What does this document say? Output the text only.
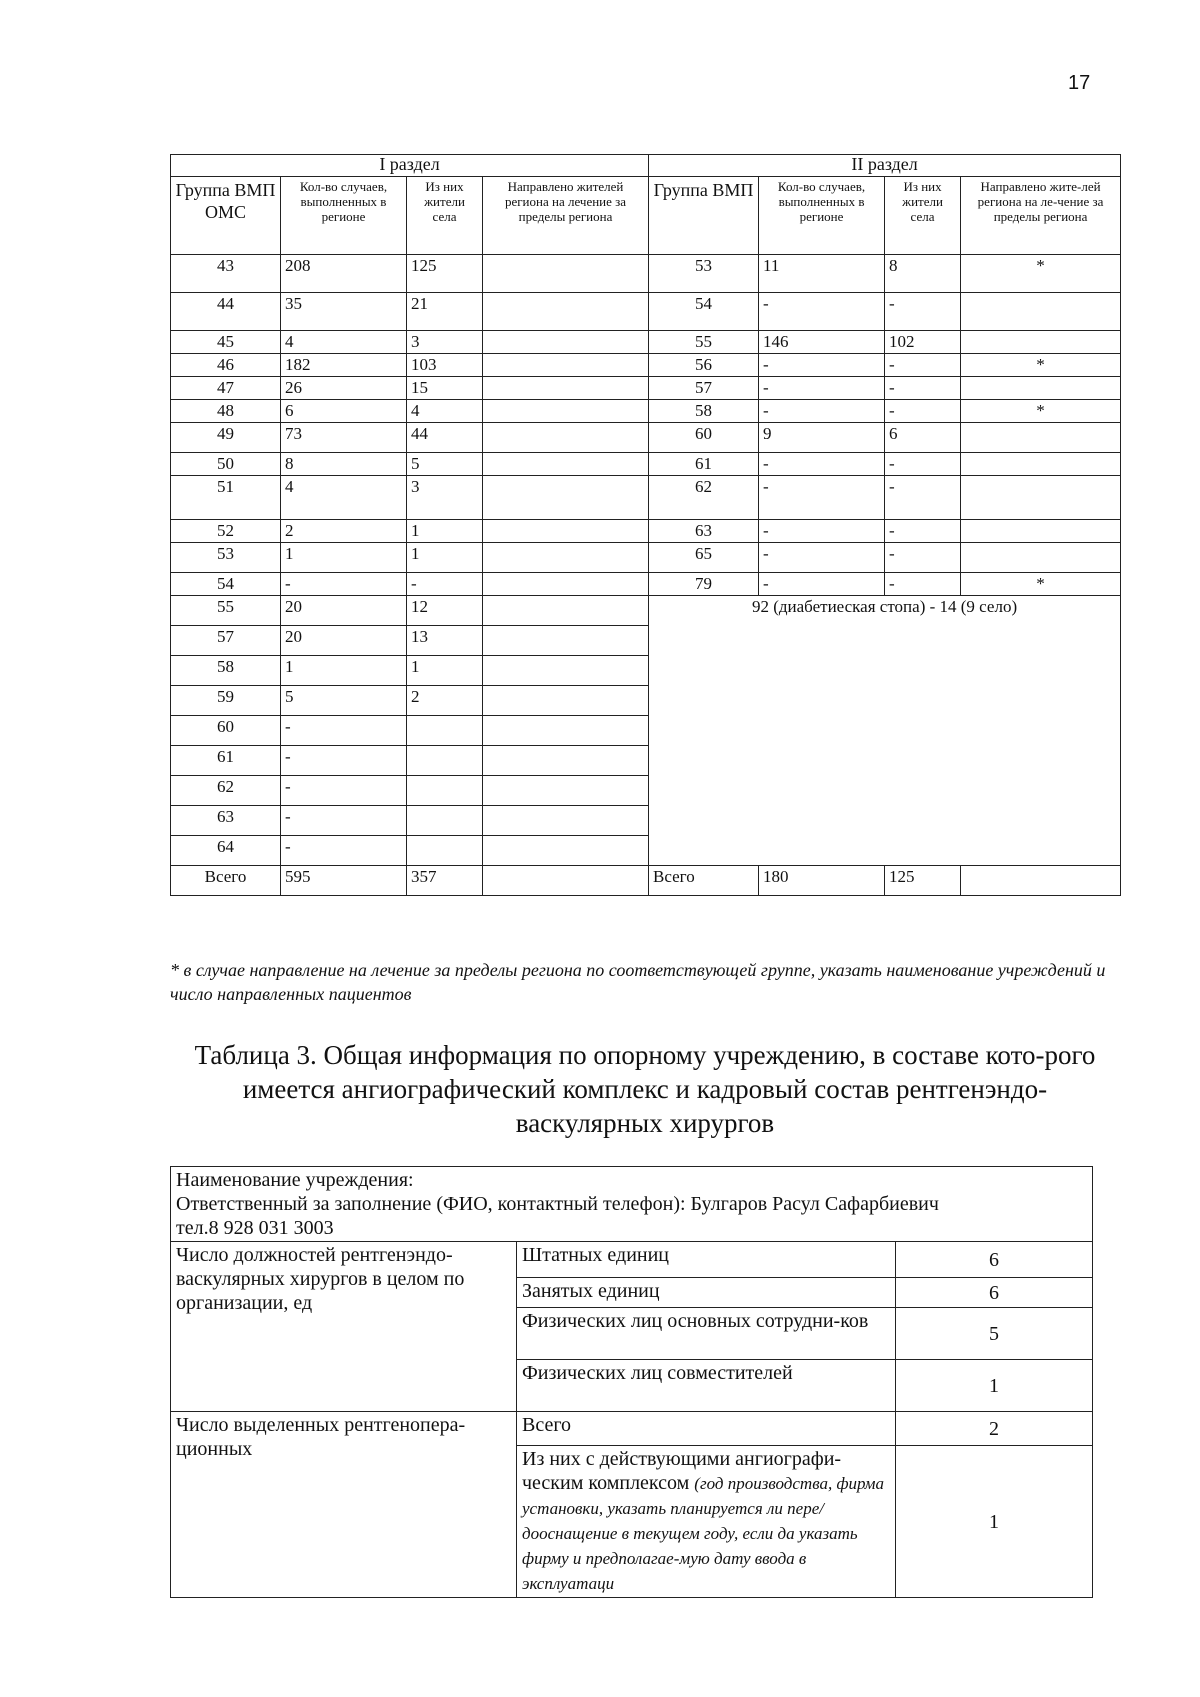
17
I раздел				II раздел			
Группа ВМП ОМС	Кол-во случаев, выполненных в регионе	Из них жители села	Направлено жителей региона на лечение за пределы региона	Группа ВМП	Кол-во случаев, выполненных в регионе	Из них жители села	Направлено жите-лей региона на ле-чение за пределы региона
43	208	125		53	11	8	*
44	35	21		54	-	-	
45	4	3		55	146	102	
46	182	103		56	-	-	*
47	26	15		57	-	-	
48	6	4		58	-	-	*
49	73	44		60	9	6	
50	8	5		61	-	-	
51	4	3		62	-	-	
52	2	1		63	-	-	
53	1	1		65	-	-	
54	-	-		79	-	-	*
55	20	12		92 (диабетиеская стопа) - 14 (9 село)			
57	20	13					
58	1	1					
59	5	2					
60	-						
61	-						
62	-						
63	-						
64	-						
Всего	595	357		Всего	180	125	
* в случае направление на лечение за пределы региона по соответствующей группе, указать наименование учреждений и число направленных пациентов
Таблица 3. Общая информация по опорному учреждению, в составе кото-рого имеется ангиографический комплекс и кадровый состав рентгенэндо-васкулярных хирургов
Наименование учреждения:
Ответственный за заполнение (ФИО, контактный телефон): Булгаров Расул Сафарбиевич
тел.8 928 031 3003		

Число должностей рентгенэндо-васкулярных хирургов в целом по организации, ед	Штатных единиц	6
	Занятых единиц	6
	Физических лиц основных сотрудни-ков	5
	Физических лиц совместителей	1
Число выделенных рентгенопера-ционных	Всего	2
	Из них с действующими ангиографи-ческим комплексом (год производства, фирма установки, указать планируется ли пере/дооснащение в текущем году, если да указать фирму и предполагае-мую дату ввода в эксплуатаци	1
